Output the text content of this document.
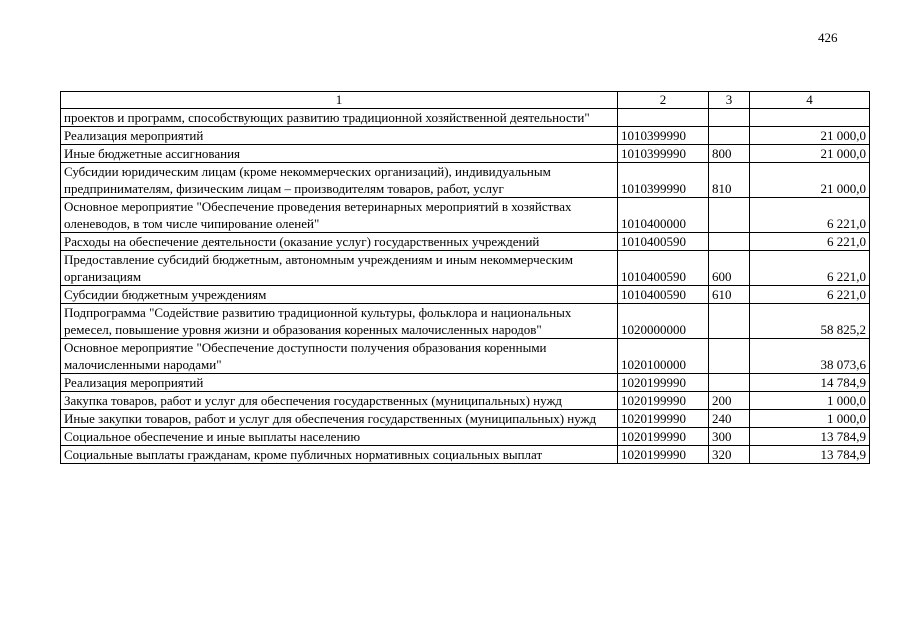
426
1	2	3	4
проектов и программ, способствующих развитию традиционной хозяйственной деятельности"			
Реализация мероприятий	1010399990		21 000,0
Иные бюджетные ассигнования	1010399990	800	21 000,0
Субсидии юридическим лицам (кроме некоммерческих организаций), индивидуальным предпринимателям, физическим лицам – производителям товаров, работ, услуг	1010399990	810	21 000,0
Основное мероприятие "Обеспечение проведения ветеринарных мероприятий в хозяйствах оленеводов, в том числе чипирование оленей"	1010400000		6 221,0
Расходы на обеспечение деятельности (оказание услуг) государственных учреждений	1010400590		6 221,0
Предоставление субсидий бюджетным, автономным учреждениям и иным некоммерческим организациям	1010400590	600	6 221,0
Субсидии бюджетным учреждениям	1010400590	610	6 221,0
Подпрограмма "Содействие развитию традиционной культуры, фольклора и национальных ремесел, повышение уровня жизни и образования коренных малочисленных народов"	1020000000		58 825,2
Основное мероприятие "Обеспечение доступности получения образования коренными малочисленными народами"	1020100000		38 073,6
Реализация мероприятий	1020199990		14 784,9
Закупка товаров, работ и услуг для обеспечения государственных (муниципальных) нужд	1020199990	200	1 000,0
Иные закупки товаров, работ и услуг для обеспечения государственных (муниципальных) нужд	1020199990	240	1 000,0
Социальное обеспечение и иные выплаты населению	1020199990	300	13 784,9
Социальные выплаты гражданам, кроме публичных нормативных социальных выплат	1020199990	320	13 784,9
